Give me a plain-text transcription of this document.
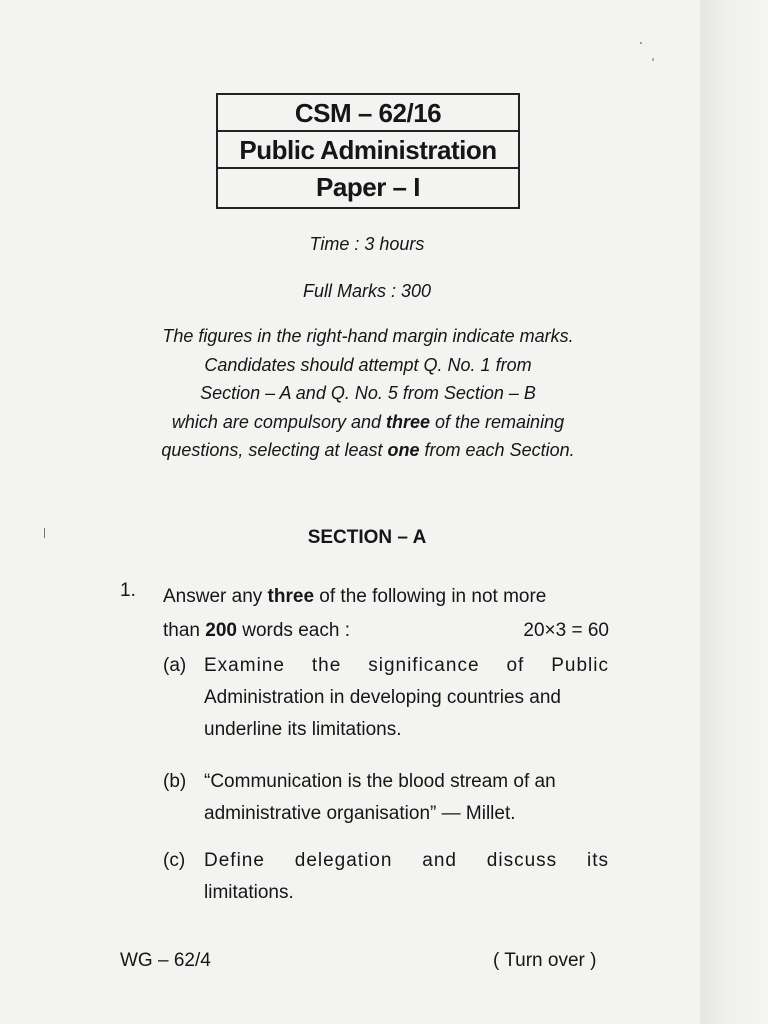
CSM – 62/16
Public Administration
Paper – I
Time : 3 hours
Full Marks : 300
The figures in the right-hand margin indicate marks.
Candidates should attempt Q. No. 1 from
Section – A and Q. No. 5 from Section – B
which are compulsory and three of the remaining
questions, selecting at least one from each Section.
SECTION – A
1. Answer any three of the following in not more
than 200 words each :	20×3 = 60
(a) Examine the significance of Public
Administration in developing countries and
underline its limitations.
(b) “Communication is the blood stream of an
administrative organisation” — Millet.
(c) Define delegation and discuss its
limitations.
WG – 62/4	( Turn over )
